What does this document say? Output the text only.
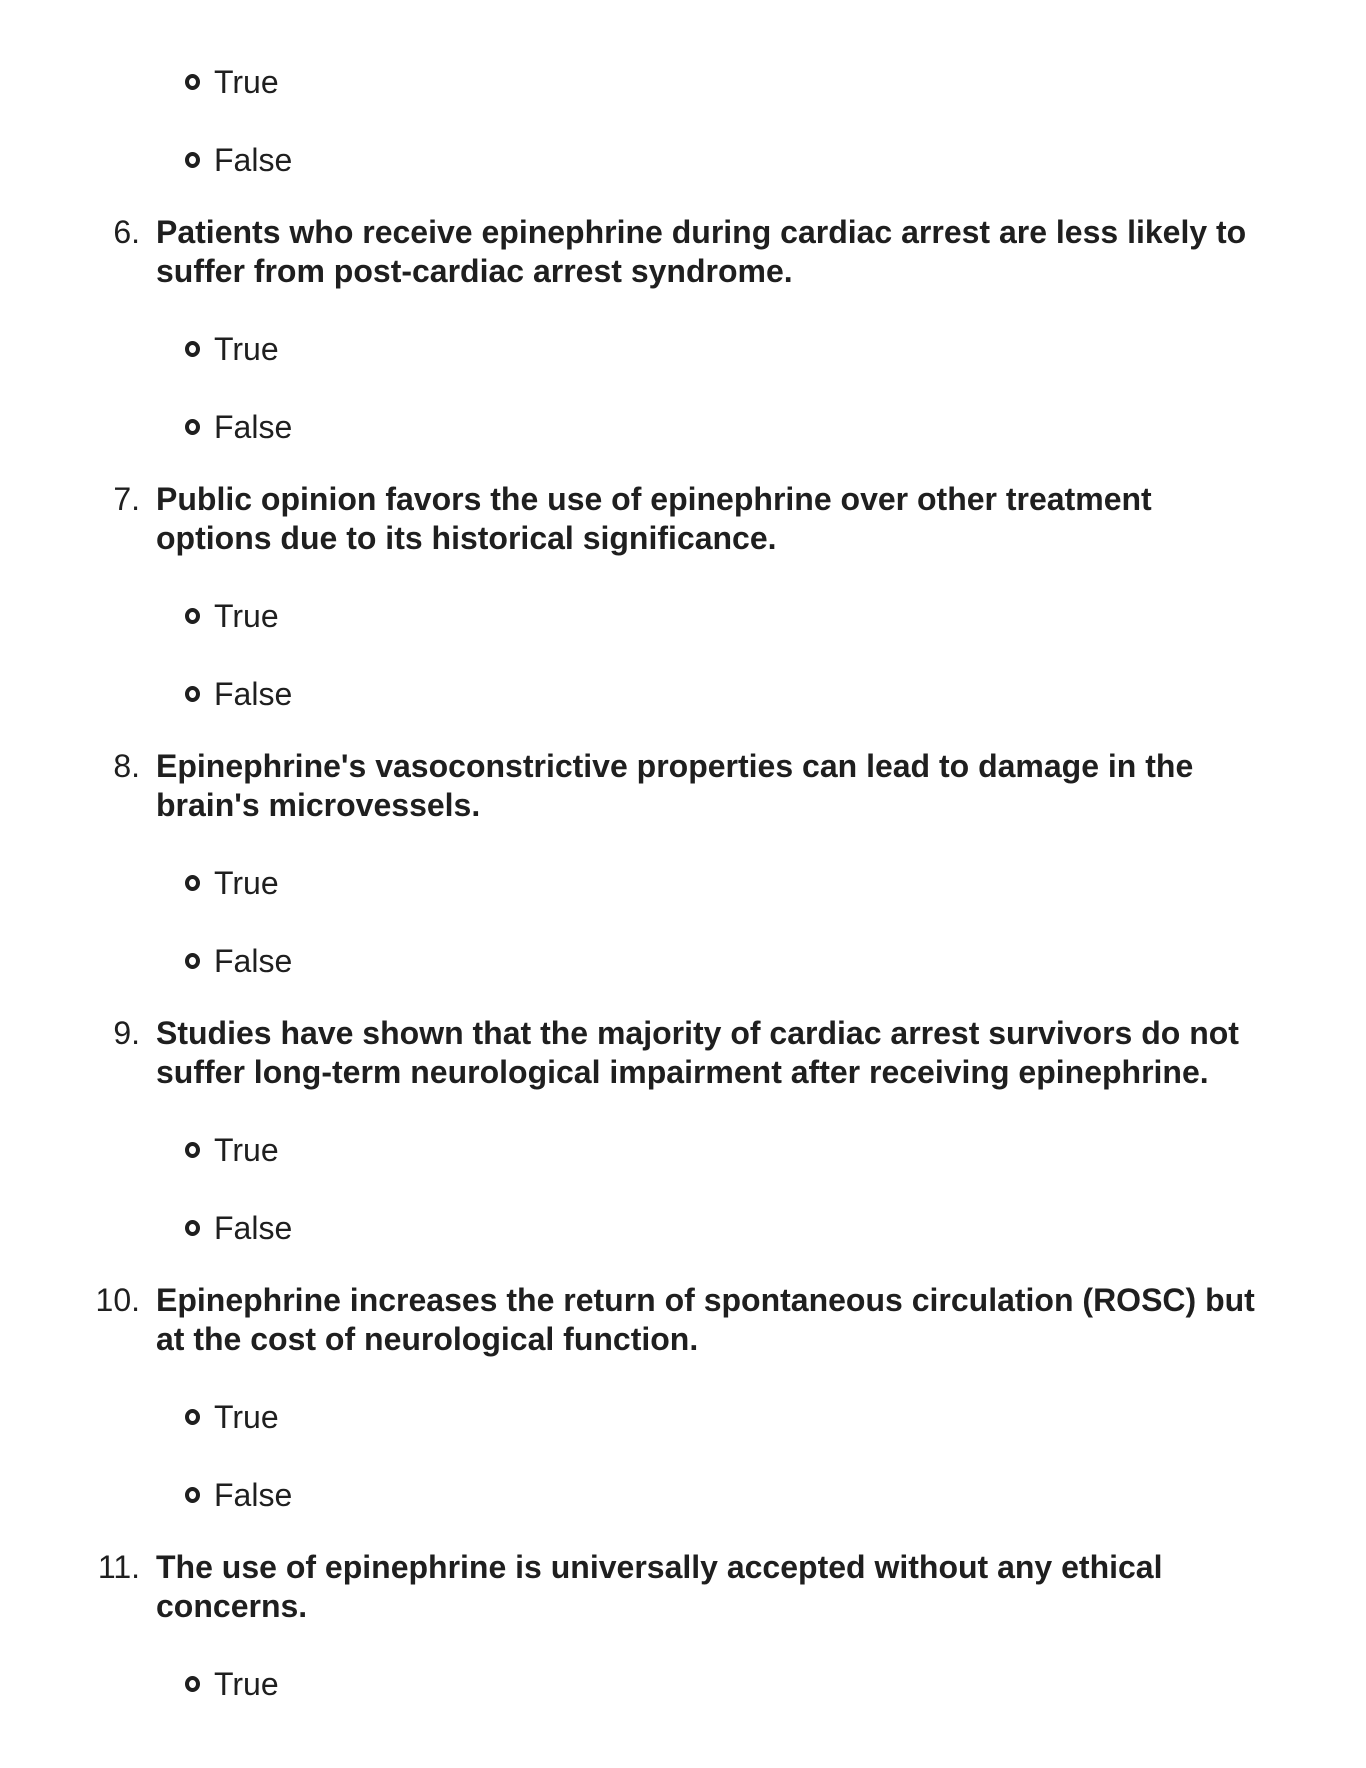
True
False
6. Patients who receive epinephrine during cardiac arrest are less likely to suffer from post-cardiac arrest syndrome.
True
False
7. Public opinion favors the use of epinephrine over other treatment options due to its historical significance.
True
False
8. Epinephrine's vasoconstrictive properties can lead to damage in the brain's microvessels.
True
False
9. Studies have shown that the majority of cardiac arrest survivors do not suffer long-term neurological impairment after receiving epinephrine.
True
False
10. Epinephrine increases the return of spontaneous circulation (ROSC) but at the cost of neurological function.
True
False
11. The use of epinephrine is universally accepted without any ethical concerns.
True
